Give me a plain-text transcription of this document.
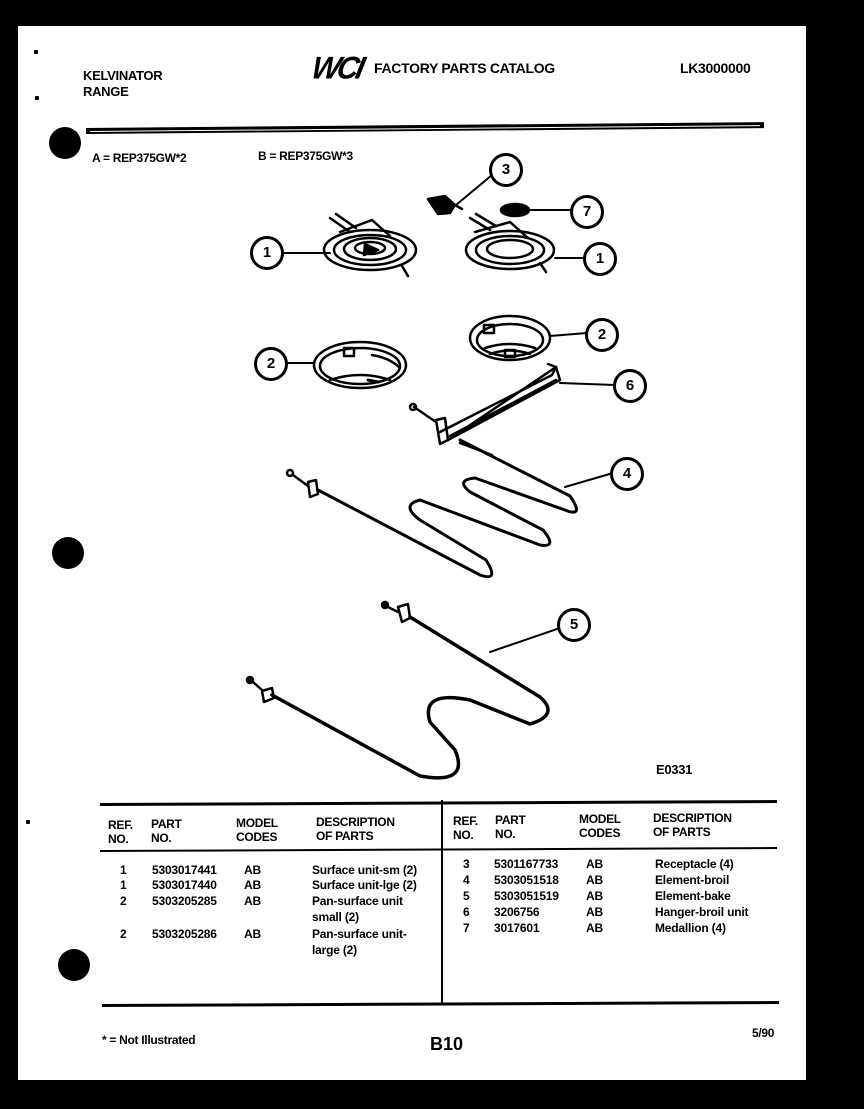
KELVINATOR
RANGE
WCI FACTORY PARTS CATALOG	LK3000000
A = REP375GW*2	B = REP375GW*3
3
7
1	1
2
2
6
4
5
E0331
REF.
NO.
PART
NO.
MODEL
CODES
DESCRIPTION
OF PARTS
REF.
NO.
PART
NO.
MODEL
CODES
DESCRIPTION
OF PARTS
1 5303017441 AB	Surface unit-sm (2)
1 5303017440 AB	Surface unit-lge (2)
2 5303205285 AB	Pan-surface unit
small (2)
2 5303205286 AB	Pan-surface unit-
large (2)
3 5301167733 AB	Receptacle (4)
4 5303051518 AB	Element-broil
5 5303051519 AB	Element-bake
6 3206756	AB	Hanger-broil unit
7 3017601	AB	Medallion (4)
* = Not Illustrated	B10
5/90
